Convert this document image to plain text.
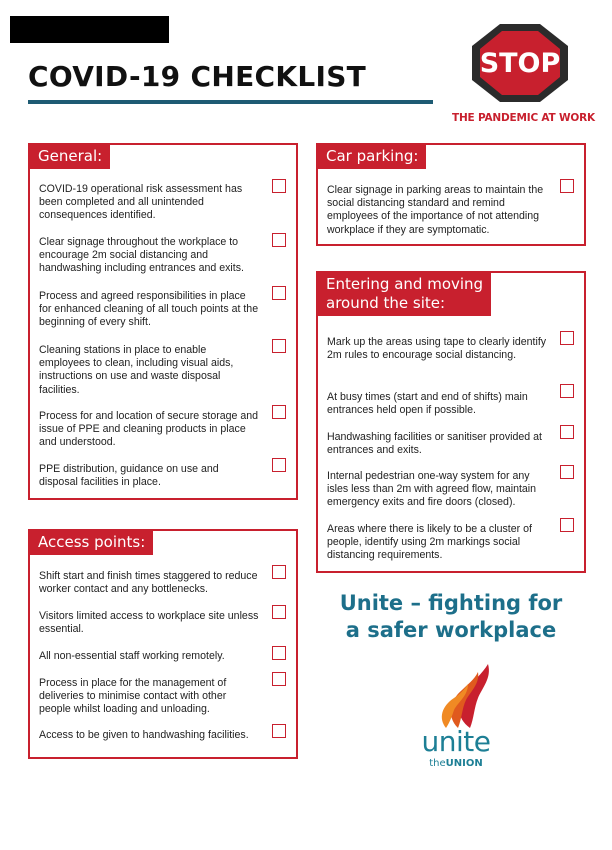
COVID-19 CHECKLIST	STOP
THE PANDEMIC AT WORK
General:
COVID-19 operational risk assessment has been completed and all unintended consequences identified.
Clear signage throughout the workplace to encourage 2m social distancing and handwashing including entrances and exits.
Process and agreed responsibilities in place for enhanced cleaning of all touch points at the beginning of every shift.
Cleaning stations in place to enable employees to clean, including visual aids, instructions on use and waste disposal facilities.
Process for and location of secure storage and issue of PPE and cleaning products in place and understood.
PPE distribution, guidance on use and disposal facilities in place.
Access points:
Shift start and finish times staggered to reduce worker contact and any bottlenecks.
Visitors limited access to workplace site unless essential.
All non-essential staff working remotely.
Process in place for the management of deliveries to minimise contact with other people whilst loading and unloading.
Access to be given to handwashing facilities.
Car parking:
Clear signage in parking areas to maintain the social distancing standard and remind employees of the importance of not attending workplace if they are symptomatic.
Entering and moving
around the site:
Mark up the areas using tape to clearly identify 2m rules to encourage social distancing.
At busy times (start and end of shifts) main entrances held open if possible.
Handwashing facilities or sanitiser provided at entrances and exits.
Internal pedestrian one-way system for any isles less than 2m with agreed flow, maintain emergency exits and fire doors (closed).
Areas where there is likely to be a cluster of people, identify using 2m markings social distancing requirements.
Unite – fighting for
a safer workplace
unite
theUNION
